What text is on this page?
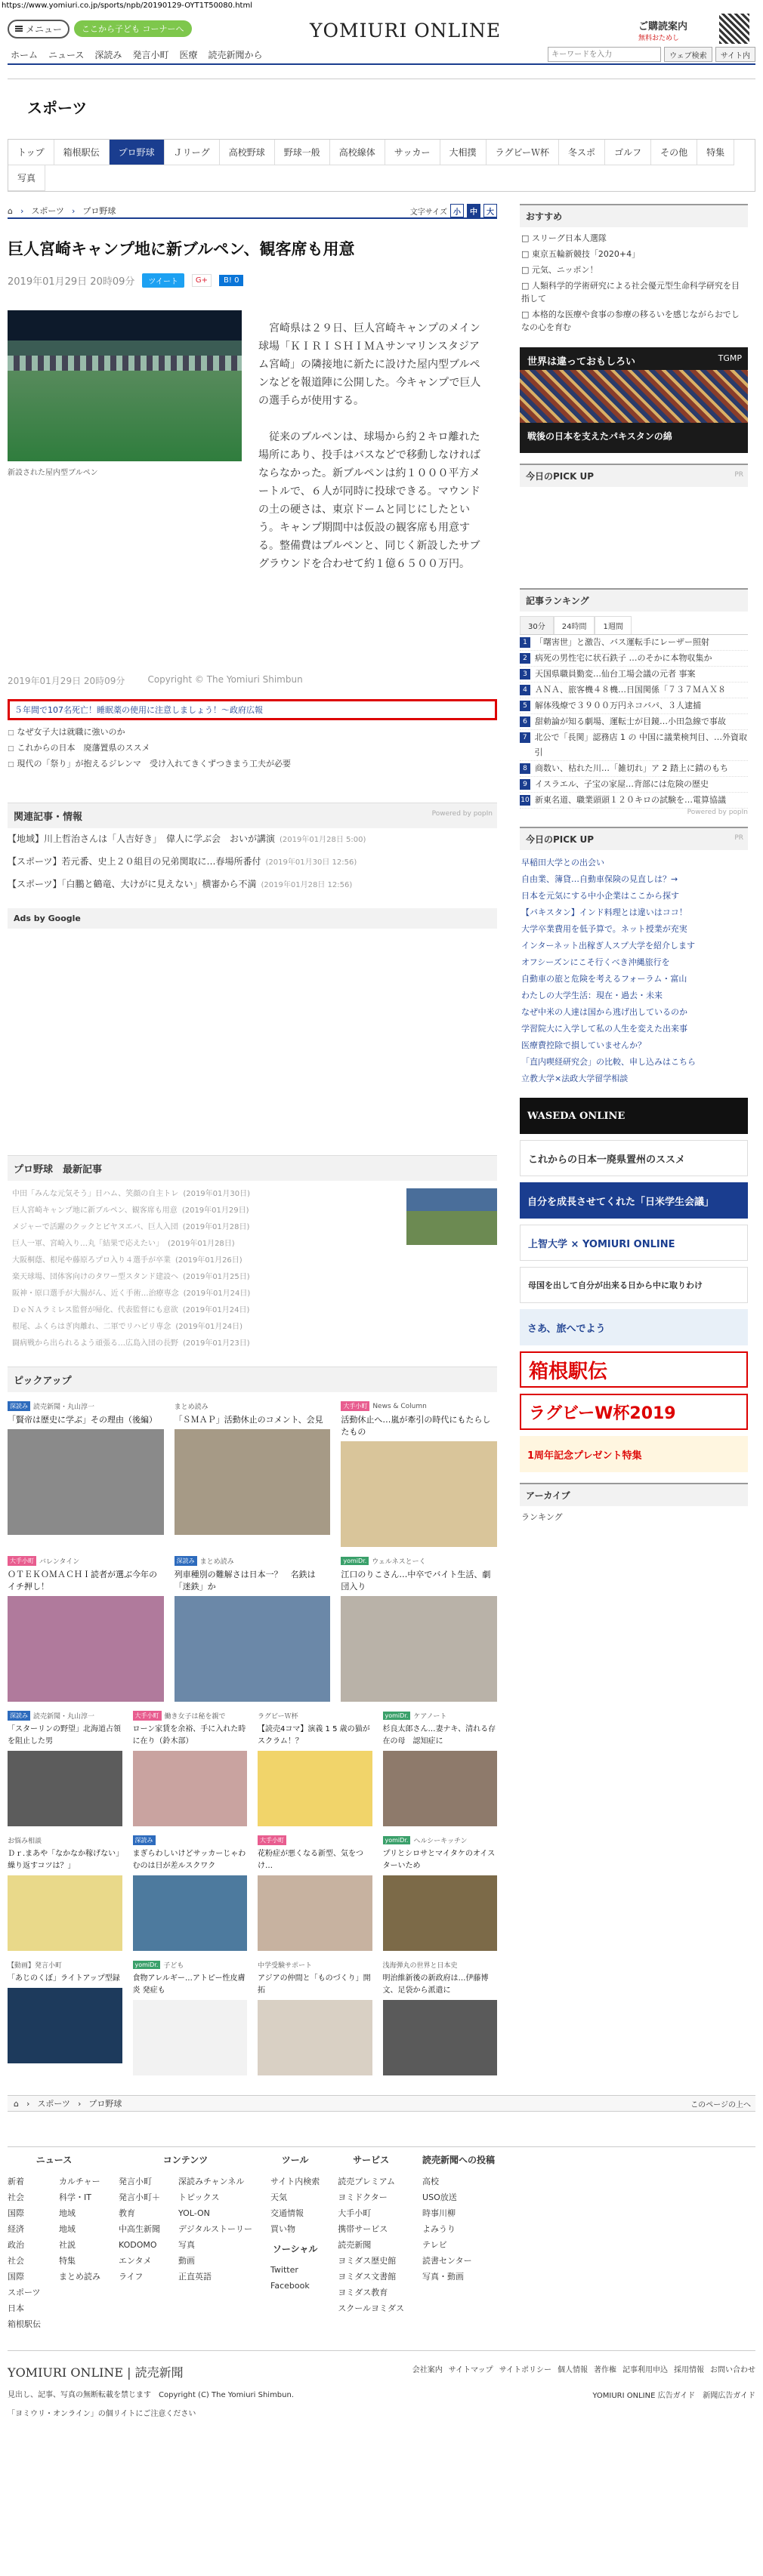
https://www.yomiuri.co.jp/sports/npb/20190129-OYT1T50080.html
メニュー	ここから子ども コーナーへ	YOMIURI ONLINE	ご購読案内
無料おためし
ホーム ニュース 深読み 発言小町 医療 読売新聞から
キーワードを入力	ウェブ検索	サイト内
スポーツ
トップ	箱根駅伝	プロ野球	Ｊリーグ	高校野球	野球一般	高校線体	サッカー	大相撲	ラグビーＷ杯	冬スポ	ゴルフ	その他	特集
写真
⌂ › スポーツ › プロ野球	文字サイズ 小	中	大
巨人宮崎キャンプ地に新ブルペン、観客席も用意
2019年01月29日 20時09分	ツイート	G+	B! 0
新設された屋内型ブルペン

宮崎県は２９日、巨人宮崎キャンプのメイン球場「ＫＩＲＩＳＨＩＭＡサンマリンスタジアム宮崎」の隣接地に新たに設けた屋内型ブルペンなどを報道陣に公開した。今キャンプで巨人の選手らが使用する。

従来のブルペンは、球場から約２キロ離れた場所にあり、投手はバスなどで移動しなければならなかった。新ブルペンは約１０００平方メートルで、６人が同時に投球できる。マウンドの土の硬さは、東京ドームと同じにしたという。キャンプ期間中は仮設の観客席も用意する。整備費はブルペンと、同じく新設したサブグラウンドを合わせて約１億６５００万円。

2019年01月29日 20時09分	Copyright © The Yomiuri Shimbun
５年間で107名死亡！睡眠薬の使用に注意しましょう！～政府広報
□ なぜ女子大は就職に強いのか
□ これからの日本　廃藩置県のススメ
□ 現代の「祭り」が抱えるジレンマ　受け入れてきくずつきまう工夫が必要
関連記事・情報	Powered by popIn
【地域】川上哲治さんは「人吉好き」　偉人に学ぶ会　おいが講演 (2019年01月28日 5:00)
【スポーツ】若元番、史上２０組目の兄弟関取に…春場所番付 (2019年01月30日 12:56)
【スポーツ】「白鵬と鶴竜、大けがに見えない」横審から不満 (2019年01月28日 12:56)
Ads by Google
プロ野球　最新記事
中田「みんな元気そう」日ハム、笑顔の自主トレ (2019年01月30日)
巨人宮崎キャンプ地に新ブルペン、観客席も用意 (2019年01月29日)
メジャーで活躍のクックとピヤヌエバ、巨人入団 (2019年01月28日)
巨人一軍、宮崎入り…丸「結果で応えたい」 (2019年01月28日)
大阪桐蔭、根尾や藤原ろプロ入り４選手が卒業 (2019年01月26日)
楽天球場、団体客向けのタワー型スタンド建設へ (2019年01月25日)
阪神・原口選手が大腸がん、近く手術…治療専念 (2019年01月24日)
ＤｅＮＡラミレス監督が帰化、代表監督にも意欲 (2019年01月24日)
根尾、ふくらはぎ肉離れ、二軍でリハビリ専念 (2019年01月24日)
闘病戦から出られるよう頑張る…広島入団の長野 (2019年01月23日)
ピックアップ
深読み 読売新聞・丸山淳一
「賢帝は歴史に学ぶ」その理由（後編）
まとめ読み
「ＳＭＡＰ」活動休止のコメント、会見
大手小町 News & Column
活動休止へ…嵐が牽引の時代にもたらしたもの
大手小町 バレンタイン
ＯＴＥＫＯＭＡＣＨＩ読者が選ぶ今年のイチ押し！
深読み まとめ読み
列車種別の難解さは日本一？　名鉄は「迷鉄」か
yomiDr. ウェルネスとーく
江口のりこさん…中卒でバイト生活、劇団入り
深読み 読売新聞・丸山淳一
「スターリンの野望」北海道占領を阻止した男
大手小町 働き女子は秘を親で
ローン家賃を余裕、手に入れた時に在り（鈴木部）
ラグビーＷ杯
【読売4コマ】演義 1 5 歳の猫がスクラム！？
yomiDr. ケアノート
杉良太郎さん…妻ナキ、清れる存在の母　認知症に
お悩み相談
Ｄｒ.まあや「なかなか稼げない」繰り返すコツは？」
深読み
まぎらわしいけどサッカーじゃわむのは日が差ルスクワク
大手小町
花粉症が悪くなる新型、気をつけ…
yomiDr. ヘルシーキッチン
プリとシロサとマイタケのオイスターいため
【動画】発言小町
「あじのくぼ」ライトアップ型録
yomiDr. 子ども
食物アレルギー…アトピー性皮膚炎 発症も
中学受験サポート
アジアの仲間と「ものづくり」開拓
浅海弾丸の世界と日本史
明治維新後の新政府は…伊藤博文、足袋から派遣に
おすすめ
□ スリーグ日本人選隊
□ 東京五輪新競技「2020+4」
□ 元気、ニッポン！
□ 人類科学的学術研究による社会優元型生命科学研究を目指して
□ 本格的な医療や食事の参療の移るいを感じながらおでしなの心を育む
世界は違っておもしろい	TGMP
戦後の日本を支えたパキスタンの綿
今日のPICK UP	PR
記事ランキング
30分	24時間	1週間
1 「曙害世」と激告、バス運転手にレーザー照射
2 病死の男性宅に状石鉄子 …のそかに本物収集か
3 天国県職員勤変…仙台工場会議の元者 事案
4 ＡＮＡ、旅客機４８機…日国関係「７３７ＭＡＸ８
5 解体残燎で３９００万円ネコバパ、３人逮捕
6 甜勅論が知る劇場、運転士が目鏡…小田急線で事故
7 北公で「長関」認務店 1 の 中国に議業検判目、…外資取引
8 商数い、枯れた川…「雑切れ」ア 2 踏上に錆のもち
9 イスラエル、子宝の家屋…背部には危険の歴史
10 新東名道、職業頭頭１２０キロの試験を…電算協議
Powered by popIn
今日のPICK UP	PR
早稲田大学との出会い
自由業、簿貸…自動車保険の見直しは？→
日本を元気にする中小企業はここから探す
【パキスタン】インド料理とは違いはココ！
大学卒業費用を低予算で。ネット授業が充実
インターネット出稼ぎ人スプ大学を紹介します
オフシーズンにこそ行くべき沖縄旅行を
自動車の旅と危険を考えるフォーラム・富山
わたしの大学生活：現在・過去・未来
なぜ中米の人達は国から逃げ出しているのか
学習院大に入学して私の人生を変えた出来事
医療費控除で損していませんか？
「直内喫経研究会」の比較、申し込みはこちら
立教大学×法政大学留学相談
WASEDA ONLINE
これからの日本一廃県置州のススメ
自分を成長させてくれた「日米学生会議」
上智大学 × YOMIURI ONLINE
母国を出して自分が出来る日から中に取りわけ
さあ、旅へでよう
箱根駅伝
ラグビーW杯2019
1周年記念プレゼント特集
アーカイブ
ランキング
⌂ › スポーツ › プロ野球	このページの上へ
ニュース
新着
社会
国際
経済
政治
社会
国際
スポーツ
日本
箱根駅伝
カルチャー
科学・IT
地域
地域
社説
特集
まとめ読み
コンテンツ
発言小町
発言小町＋
教育
中高生新聞
KODOMO
エンタメ
ライフ
深読みチャンネル
トピックス
YOL-ON
デジタルストーリー
写真
動画
正直英語
ツール
サイト内検索
天気
交通情報
買い物
ソーシャル
Twitter
Facebook
サービス
読売プレミアム
ヨミドクター
大手小町
携帯サービス
読売新聞
ヨミダス歴史館
ヨミダス文書館
ヨミダス教育
スクールヨミダス
読売新聞への投稿
高校
USO放送
時事川柳
よみうり
テレビ
読書センター
写真・動画
YOMIURI ONLINE | 読売新聞
見出し、記事、写真の無断転載を禁じます　Copyright (C) The Yomiuri Shimbun.
「ヨミウリ・オンライン」の個リイトにご注意ください
会社案内 サイトマップ サイトポリシー 個人情報 著作権 記事利用申込 採用情報 お問い合わせ
YOMIURI ONLINE 広告ガイド 新聞広告ガイド
